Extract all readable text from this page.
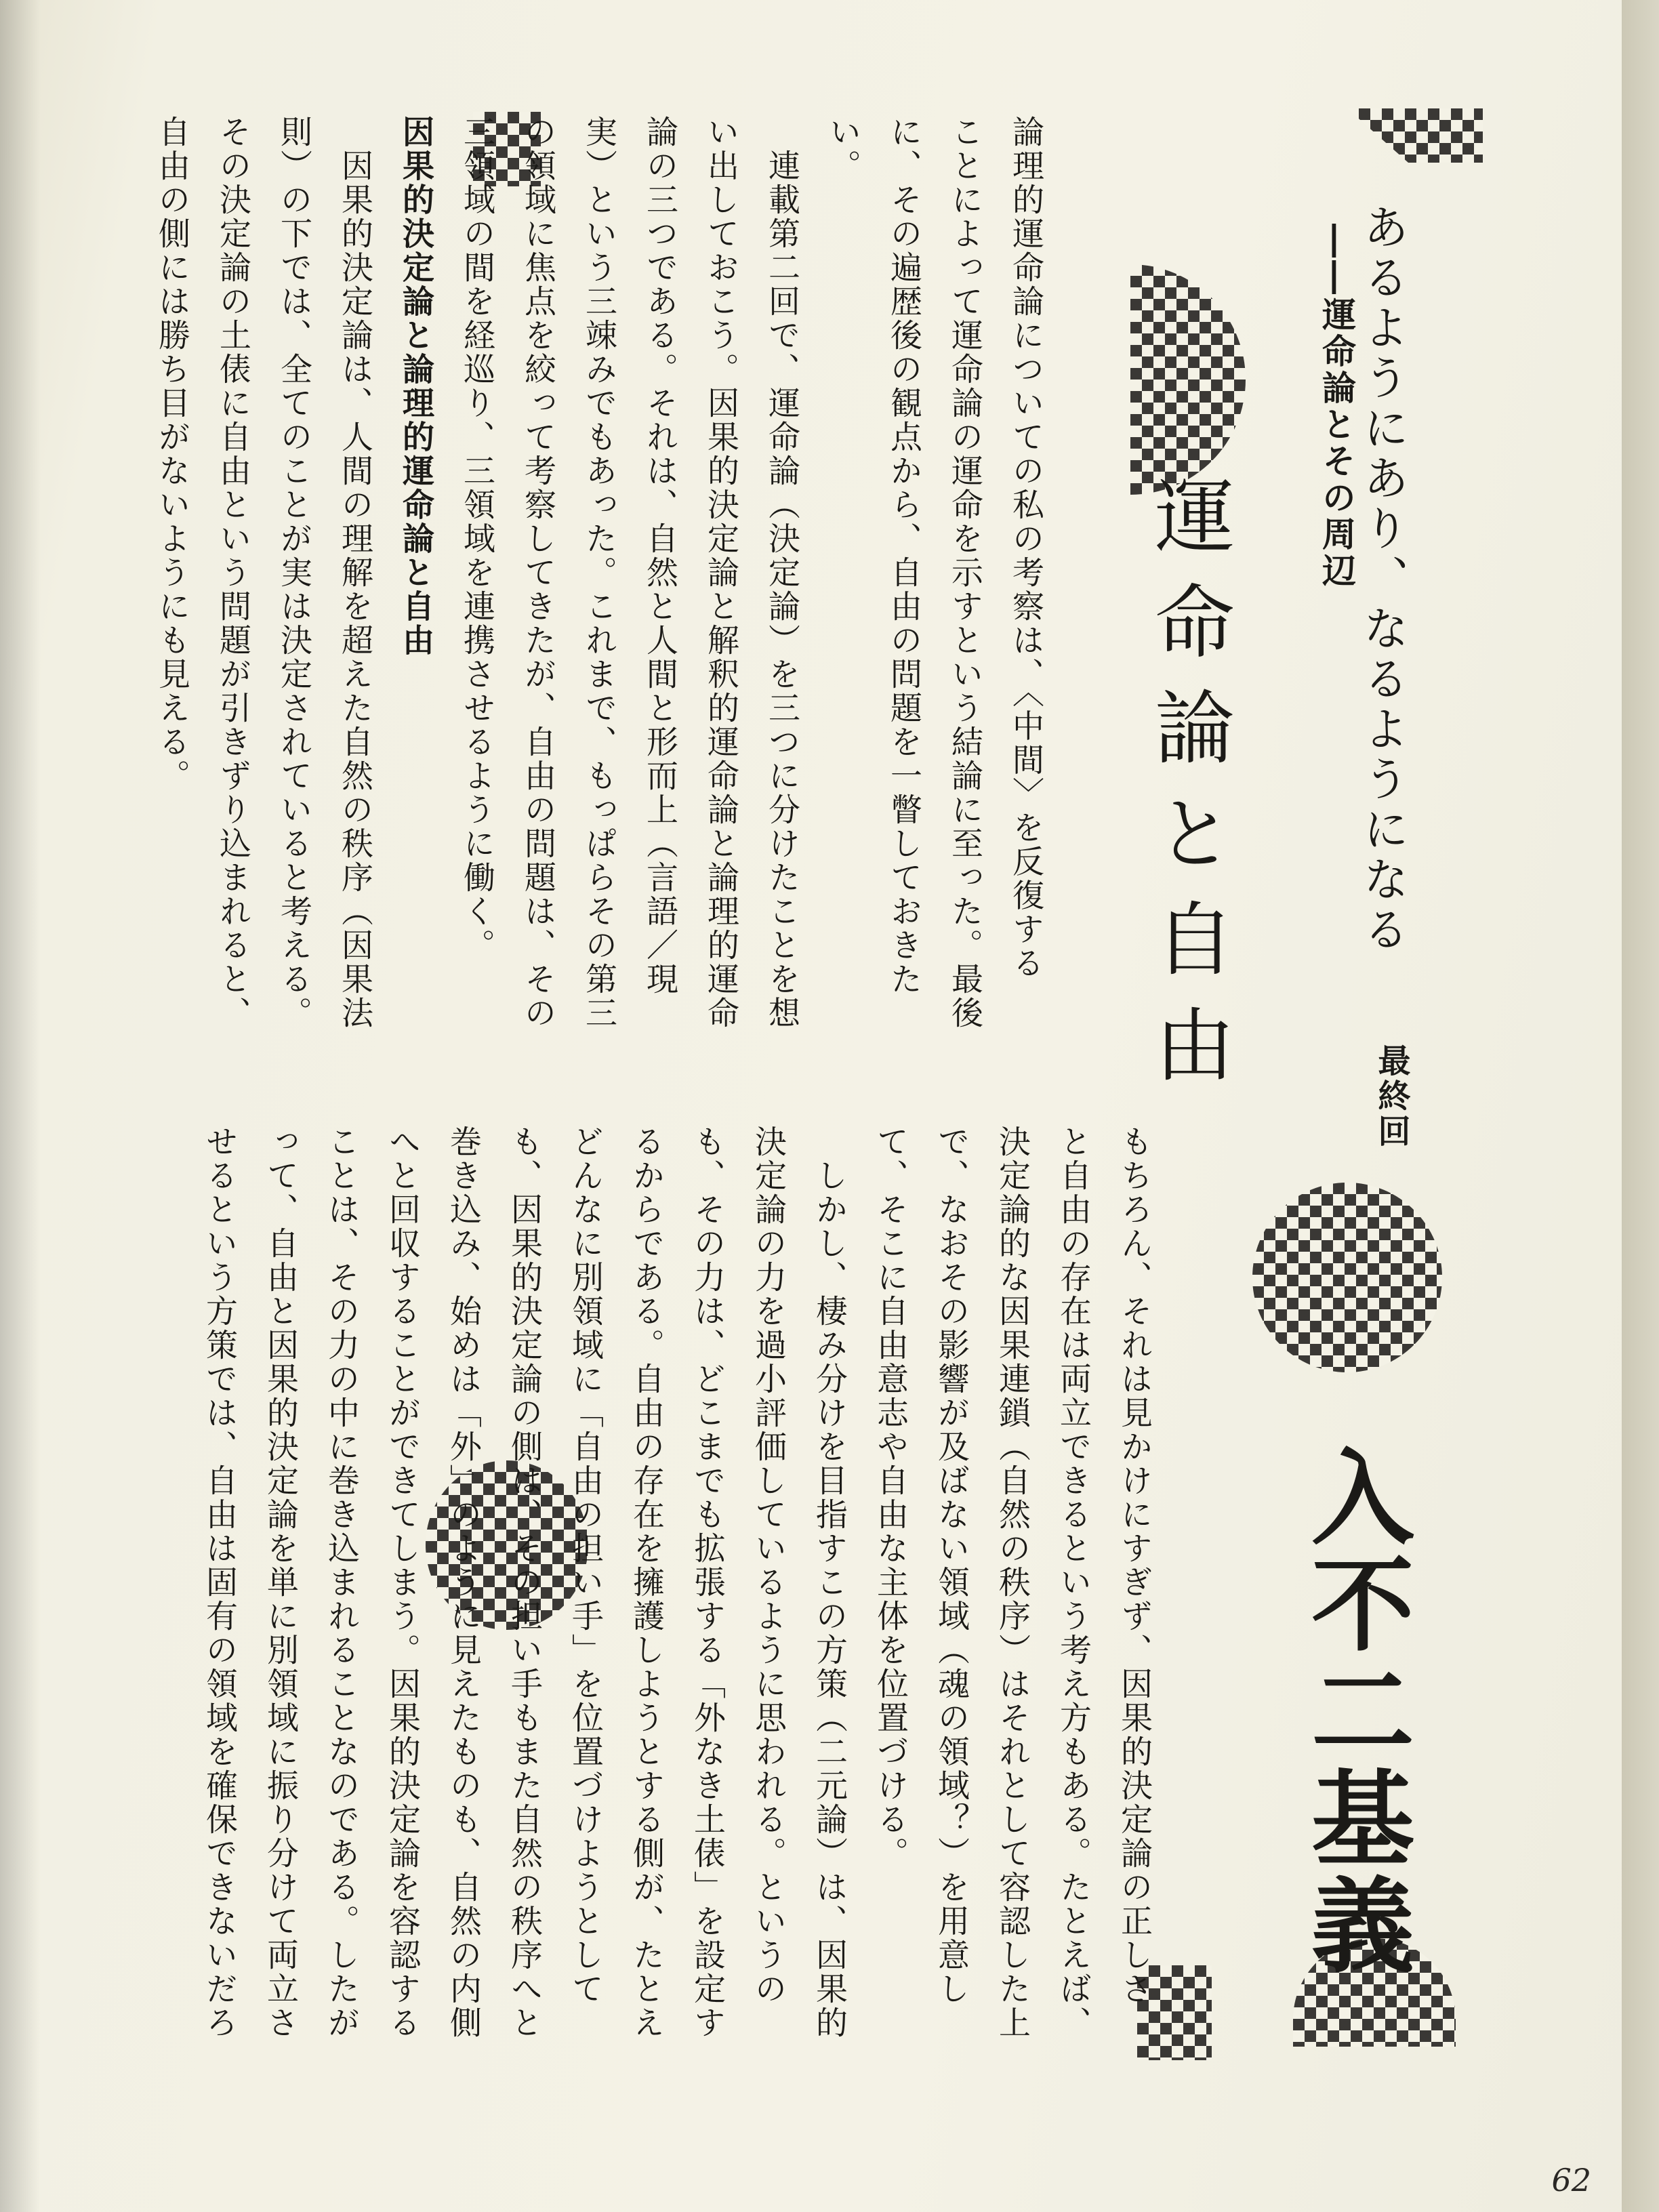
あるようにあり、なるようになる
――運命論とその周辺
最終回
運命論と自由
入不二基義

論理的運命論についての私の考察は、〈中間〉を反復する

ことによって運命論の運命を示すという結論に至った。最後

に、その遍歴後の観点から、自由の問題を一瞥しておきた

い。

　連載第二回で、運命論（決定論）を三つに分けたことを想

い出しておこう。因果的決定論と解釈的運命論と論理的運命

論の三つである。それは、自然と人間と形而上（言語／現

実）という三竦みでもあった。これまで、もっぱらその第三

の領域に焦点を絞って考察してきたが、自由の問題は、その

三領域の間を経巡り、三領域を連携させるように働く。

因果的決定論と論理的運命論と自由

　因果的決定論は、人間の理解を超えた自然の秩序（因果法

則）の下では、全てのことが実は決定されていると考える。

その決定論の土俵に自由という問題が引きずり込まれると、

自由の側には勝ち目がないようにも見える。

もちろん、それは見かけにすぎず、因果的決定論の正しさ

と自由の存在は両立できるという考え方もある。たとえば、

決定論的な因果連鎖（自然の秩序）はそれとして容認した上

で、なおその影響が及ばない領域（魂の領域？）を用意し

て、そこに自由意志や自由な主体を位置づける。

　しかし、棲み分けを目指すこの方策（二元論）は、因果的

決定論の力を過小評価しているように思われる。というの

も、その力は、どこまでも拡張する「外なき土俵」を設定す

るからである。自由の存在を擁護しようとする側が、たとえ

どんなに別領域に「自由の担い手」を位置づけようとして

も、因果的決定論の側は、その担い手もまた自然の秩序へと

巻き込み、始めは「外」のように見えたものも、自然の内側

へと回収することができてしまう。因果的決定論を容認する

ことは、その力の中に巻き込まれることなのである。したが

って、自由と因果的決定論を単に別領域に振り分けて両立さ

せるという方策では、自由は固有の領域を確保できないだろ

62
